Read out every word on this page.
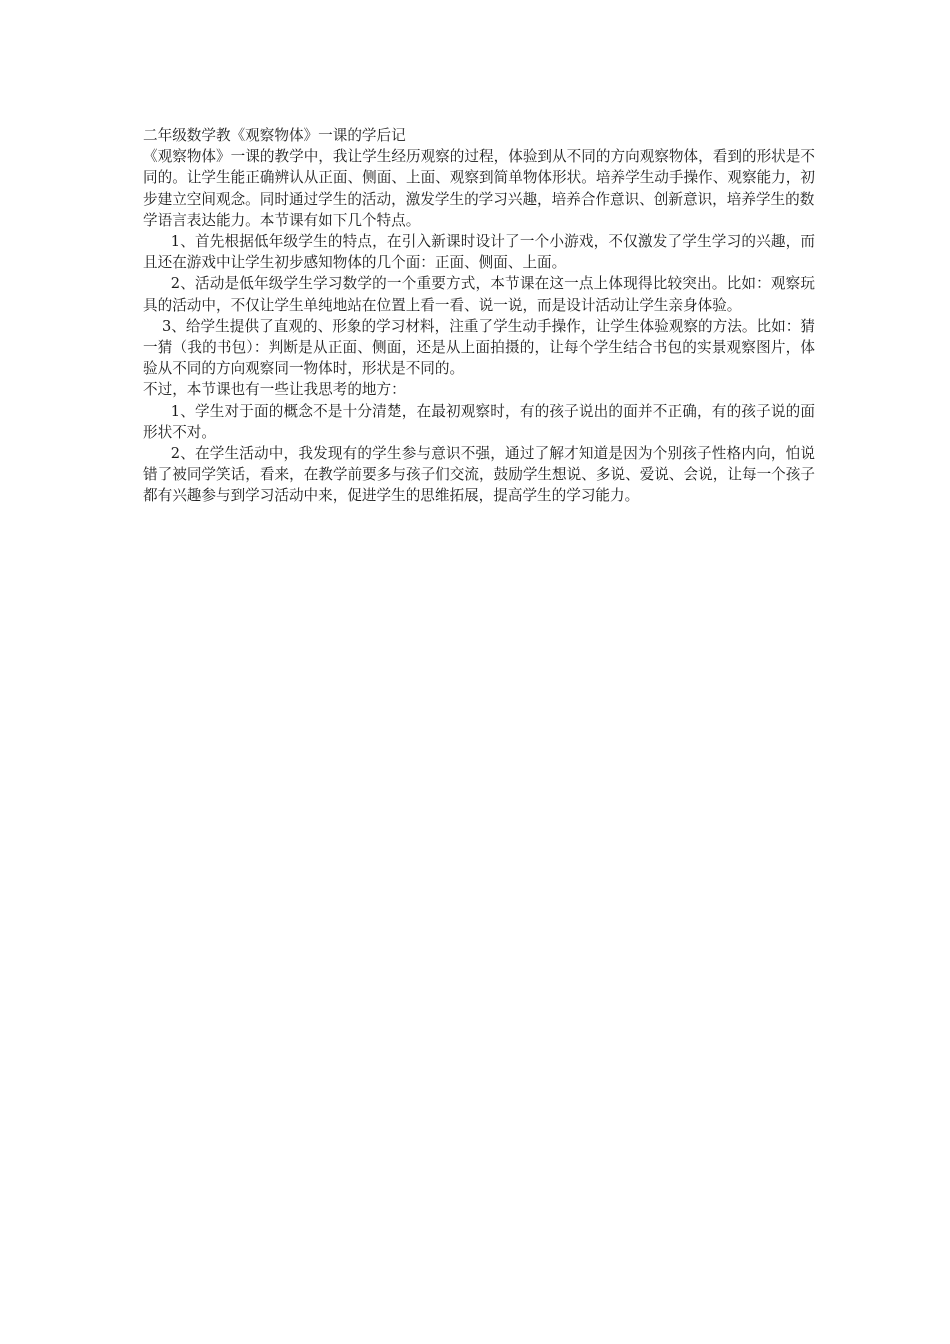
二年级数学教《观察物体》一课的学后记
《观察物体》一课的教学中，我让学生经历观察的过程，体验到从不同的方向观察物体，看到的形状是不同的。让学生能正确辨认从正面、侧面、上面、观察到简单物体形状。培养学生动手操作、观察能力，初步建立空间观念。同时通过学生的活动，激发学生的学习兴趣，培养合作意识、创新意识，培养学生的数
学语言表达能力。本节课有如下几个特点。
1、首先根据低年级学生的特点，在引入新课时设计了一个小游戏，不仅激发了学生学习的兴趣，而且还在游戏中让学生初步感知物体的几个面：正面、侧面、上面。
2、活动是低年级学生学习数学的一个重要方式，本节课在这一点上体现得比较突出。比如：观察玩具的活动中，不仅让学生单纯地站在位置上看一看、说一说，而是设计活动让学生亲身体验。
3、给学生提供了直观的、形象的学习材料，注重了学生动手操作，让学生体验观察的方法。比如：猜一猜（我的书包）：判断是从正面、侧面，还是从上面拍摄的，让每个学生结合书包的实景观察图片，体验从不同的方向观察同一物体时，形状是不同的。
不过，本节课也有一些让我思考的地方：
1、学生对于面的概念不是十分清楚，在最初观察时，有的孩子说出的面并不正确，有的孩子说的面形状不对。
2、在学生活动中，我发现有的学生参与意识不强，通过了解才知道是因为个别孩子性格内向，怕说错了被同学笑话，看来，在教学前要多与孩子们交流，鼓励学生想说、多说、爱说、会说，让每一个孩子都有兴趣参与到学习活动中来，促进学生的思维拓展，提高学生的学习能力。
